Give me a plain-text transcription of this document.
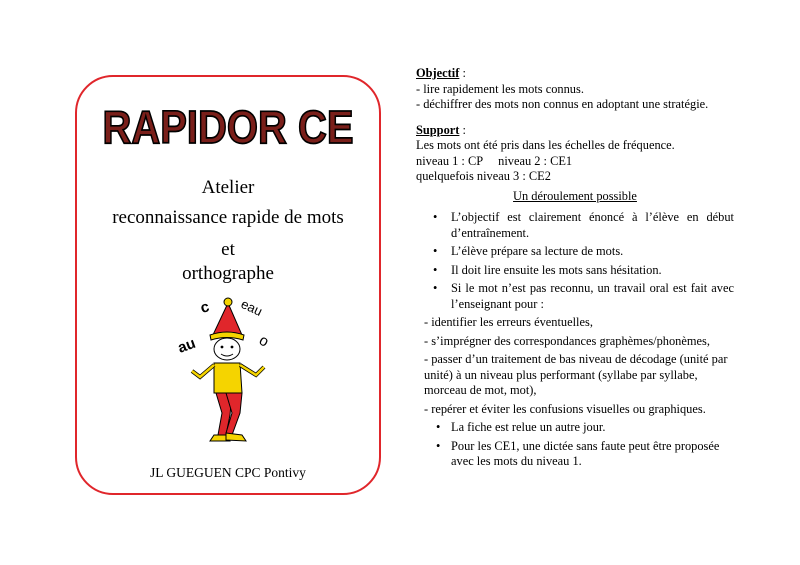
RAPIDOR CE
Atelier
reconnaissance rapide de mots
et
orthographe
c eau
au	o
JL GUEGUEN CPC Pontivy

Objectif :

- lire rapidement les mots connus.

- déchiffrer des mots non connus en adoptant une stratégie.

Support :

Les mots ont été pris dans les échelles de fréquence.

niveau 1 : CP     niveau 2 : CE1

quelquefois niveau 3 : CE2

Un déroulement possible

• L’objectif est clairement énoncé à l’élève en début d’entraînement.
• L’élève prépare sa lecture de mots.
• Il doit lire ensuite les mots sans hésitation.
• Si le mot n’est pas reconnu, un travail oral est fait avec l’enseignant pour :

- identifier les erreurs éventuelles,

- s’imprégner des correspondances graphèmes/phonèmes,

- passer d’un traitement de bas niveau de décodage (unité par unité) à un niveau plus performant (syllabe par syllabe, morceau de mot, mot),

- repérer et éviter les confusions visuelles ou graphiques.

• La fiche est relue un autre jour.
• Pour les CE1, une dictée sans faute peut être proposée avec les mots du niveau 1.
